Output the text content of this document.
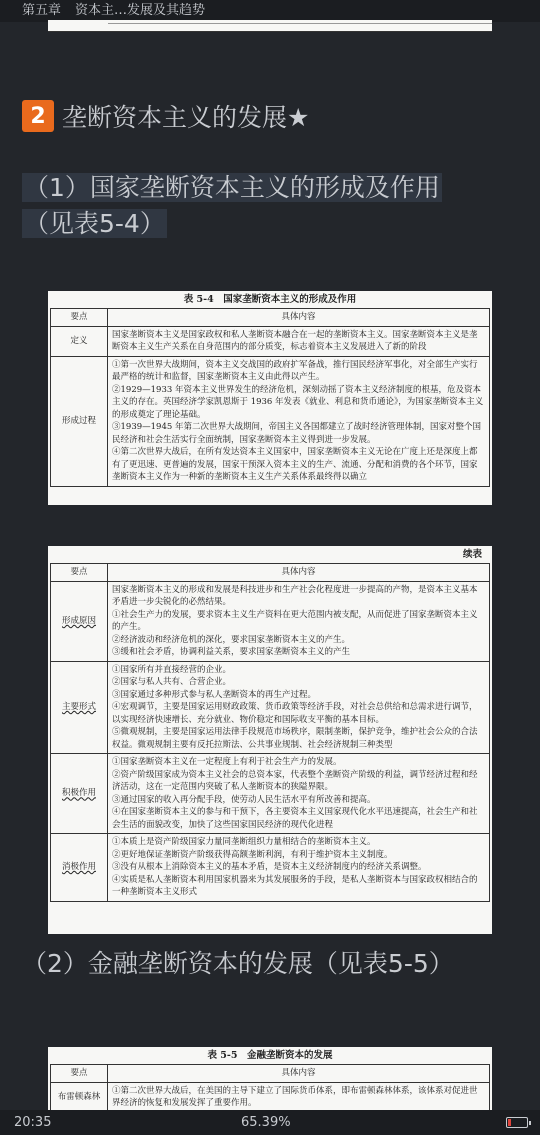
第五章 资本主…发展及其趋势
2 垄断资本主义的发展★
（1）国家垄断资本主义的形成及作用
（见表5-4）
表 5-4　国家垄断资本主义的形成及作用
要点	具体内容
定义	国家垄断资本主义是国家政权和私人垄断资本融合在一起的垄断资本主义。国家垄断资本主义是垄断资本主义生产关系在自身范围内的部分质变，标志着资本主义发展进入了新的阶段
形成过程	①第一次世界大战期间，资本主义交战国的政府扩军备战，推行国民经济军事化，对全部生产实行最严格的统计和监督，国家垄断资本主义由此得以产生。
②1929—1933 年资本主义世界发生的经济危机，深刻动摇了资本主义经济制度的根基，危及资本主义的存在。英国经济学家凯恩斯于 1936 年发表《就业、利息和货币通论》，为国家垄断资本主义的形成奠定了理论基础。
③1939—1945 年第二次世界大战期间，帝国主义各国都建立了战时经济管理体制，国家对整个国民经济和社会生活实行全面统制，国家垄断资本主义得到进一步发展。
④第二次世界大战后，在所有发达资本主义国家中，国家垄断资本主义无论在广度上还是深度上都有了更迅速、更普遍的发展，国家干预深入资本主义的生产、流通、分配和消费的各个环节，国家垄断资本主义作为一种新的垄断资本主义生产关系体系最终得以确立
续表
要点	具体内容
形成原因	国家垄断资本主义的形成和发展是科技进步和生产社会化程度进一步提高的产物，是资本主义基本矛盾进一步尖锐化的必然结果。
①社会生产力的发展，要求资本主义生产资料在更大范围内被支配，从而促进了国家垄断资本主义的产生。
②经济波动和经济危机的深化，要求国家垄断资本主义的产生。
③缓和社会矛盾，协调利益关系，要求国家垄断资本主义的产生
主要形式	①国家所有并直接经营的企业。
②国家与私人共有、合营企业。
③国家通过多种形式参与私人垄断资本的再生产过程。
④宏观调节，主要是国家运用财政政策、货币政策等经济手段，对社会总供给和总需求进行调节，以实现经济快速增长、充分就业、物价稳定和国际收支平衡的基本目标。
⑤微观规制，主要是国家运用法律手段规范市场秩序，限制垄断，保护竞争，维护社会公众的合法权益。微观规制主要有反托拉斯法、公共事业规制、社会经济规制三种类型
积极作用	①国家垄断资本主义在一定程度上有利于社会生产力的发展。
②资产阶级国家成为资本主义社会的总资本家，代表整个垄断资产阶级的利益，调节经济过程和经济活动，这在一定范围内突破了私人垄断资本的狭隘界限。
③通过国家的收入再分配手段，使劳动人民生活水平有所改善和提高。
④在国家垄断资本主义的参与和干预下，各主要资本主义国家现代化水平迅速提高，社会生产和社会生活的面貌改变，加快了这些国家国民经济的现代化进程
消极作用	①本质上是资产阶级国家力量同垄断组织力量相结合的垄断资本主义。
②更好地保证垄断资产阶级获得高额垄断利润，有利于维护资本主义制度。
③没有从根本上消除资本主义的基本矛盾，是资本主义经济制度内的经济关系调整。
④实质是私人垄断资本利用国家机器来为其发展服务的手段，是私人垄断资本与国家政权相结合的一种垄断资本主义形式
（2）金融垄断资本的发展（见表5-5）
表 5-5　金融垄断资本的发展
要点	具体内容
布雷顿森林	①第二次世界大战后，在美国的主导下建立了国际货币体系，即布雷顿森林体系，该体系对促进世界经济的恢复和发展发挥了重要作用。
20:35	65.39%
